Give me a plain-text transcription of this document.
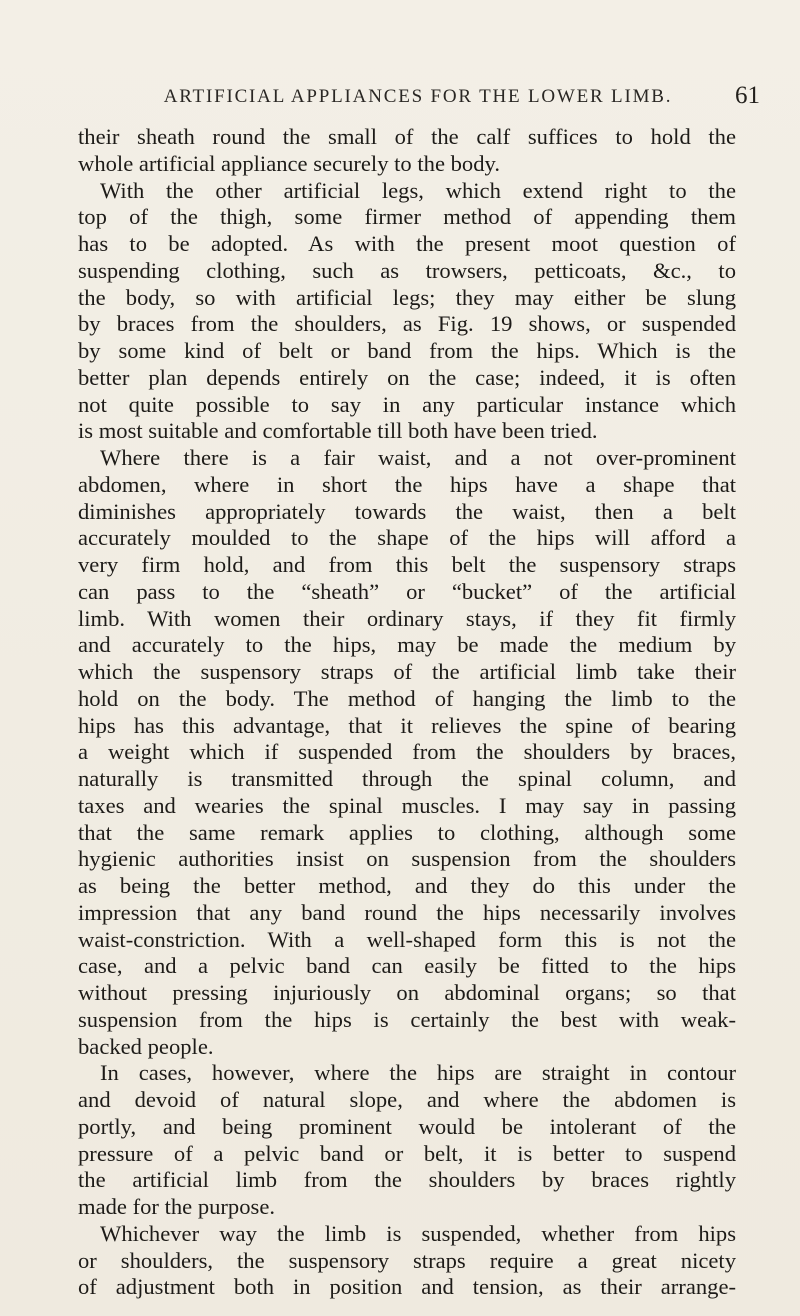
ARTIFICIAL APPLIANCES FOR THE LOWER LIMB.	61
their sheath round the small of the calf suffices to hold the
whole artificial appliance securely to the body.
With the other artificial legs, which extend right to the
top of the thigh, some firmer method of appending them
has to be adopted. As with the present moot question of
suspending clothing, such as trowsers, petticoats, &c., to
the body, so with artificial legs; they may either be slung
by braces from the shoulders, as Fig. 19 shows, or suspended
by some kind of belt or band from the hips. Which is the
better plan depends entirely on the case; indeed, it is often
not quite possible to say in any particular instance which
is most suitable and comfortable till both have been tried.
Where there is a fair waist, and a not over-prominent
abdomen, where in short the hips have a shape that
diminishes appropriately towards the waist, then a belt
accurately moulded to the shape of the hips will afford a
very firm hold, and from this belt the suspensory straps
can pass to the “sheath” or “bucket” of the artificial
limb. With women their ordinary stays, if they fit firmly
and accurately to the hips, may be made the medium by
which the suspensory straps of the artificial limb take their
hold on the body. The method of hanging the limb to the
hips has this advantage, that it relieves the spine of bearing
a weight which if suspended from the shoulders by braces,
naturally is transmitted through the spinal column, and
taxes and wearies the spinal muscles. I may say in passing
that the same remark applies to clothing, although some
hygienic authorities insist on suspension from the shoulders
as being the better method, and they do this under the
impression that any band round the hips necessarily involves
waist-constriction. With a well-shaped form this is not the
case, and a pelvic band can easily be fitted to the hips
without pressing injuriously on abdominal organs; so that
suspension from the hips is certainly the best with weak-
backed people.
In cases, however, where the hips are straight in contour
and devoid of natural slope, and where the abdomen is
portly, and being prominent would be intolerant of the
pressure of a pelvic band or belt, it is better to suspend
the artificial limb from the shoulders by braces rightly
made for the purpose.
Whichever way the limb is suspended, whether from hips
or shoulders, the suspensory straps require a great nicety
of adjustment both in position and tension, as their arrange-
